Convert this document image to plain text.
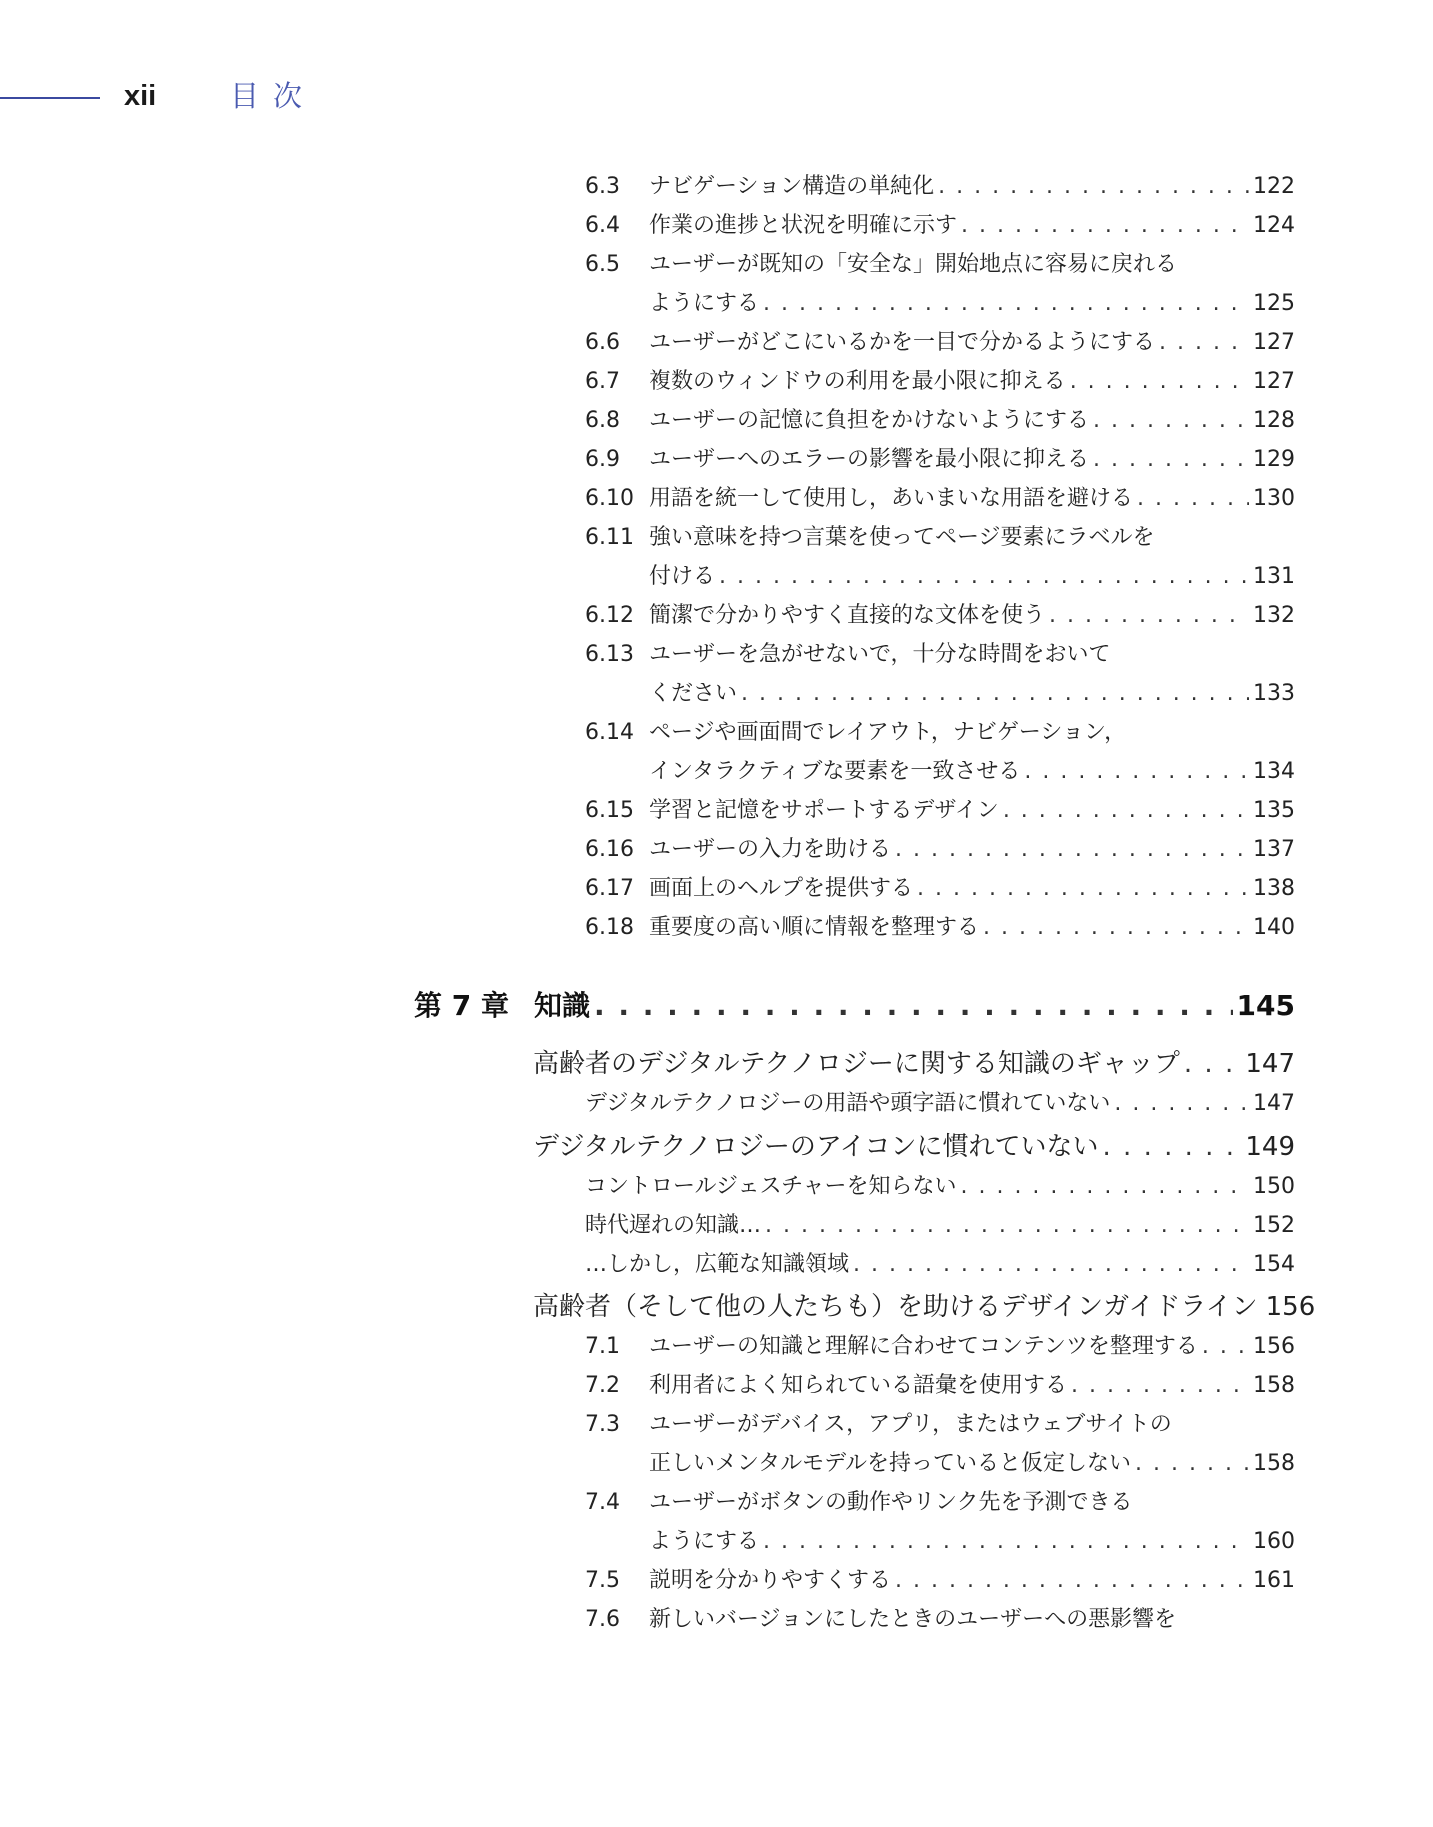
xii	目次
6.3	ナビゲーション構造の単純化 . . .	122
6.4	作業の進捗と状況を明確に示す . . .	124
6.5	ユーザーが既知の「安全な」開始地点に容易に戻れる
ようにする . . .	125
6.6	ユーザーがどこにいるかを一目で分かるようにする . . .	127
6.7	複数のウィンドウの利用を最小限に抑える . . .	127
6.8	ユーザーの記憶に負担をかけないようにする . . .	128
6.9	ユーザーへのエラーの影響を最小限に抑える . . .	129
6.10 用語を統一して使用し，あいまいな用語を避ける . . .	130
6.11 強い意味を持つ言葉を使ってページ要素にラベルを
付ける . . .	131
6.12 簡潔で分かりやすく直接的な文体を使う . . .	132
6.13 ユーザーを急がせないで，十分な時間をおいて
ください . . .	133
6.14 ページや画面間でレイアウト，ナビゲーション，
インタラクティブな要素を一致させる . . .	134
6.15 学習と記憶をサポートするデザイン . . .	135
6.16 ユーザーの入力を助ける . . .	137
6.17 画面上のヘルプを提供する . . .	138
6.18 重要度の高い順に情報を整理する . . .	140
第 7 章 知識 . . .	145
高齢者のデジタルテクノロジーに関する知識のギャップ . . .	147
デジタルテクノロジーの用語や頭字語に慣れていない . . .	147
デジタルテクノロジーのアイコンに慣れていない . . .	149
コントロールジェスチャーを知らない . . .	150
時代遅れの知識… . . .	152
…しかし，広範な知識領域 . . .	154
高齢者（そして他の人たちも）を助けるデザインガイドライン 156
7.1	ユーザーの知識と理解に合わせてコンテンツを整理する . . .	156
7.2	利用者によく知られている語彙を使用する . . .	158
7.3	ユーザーがデバイス，アプリ，またはウェブサイトの
正しいメンタルモデルを持っていると仮定しない . . .	158
7.4	ユーザーがボタンの動作やリンク先を予測できる
ようにする . . .	160
7.5	説明を分かりやすくする . . .	161
7.6	新しいバージョンにしたときのユーザーへの悪影響を
